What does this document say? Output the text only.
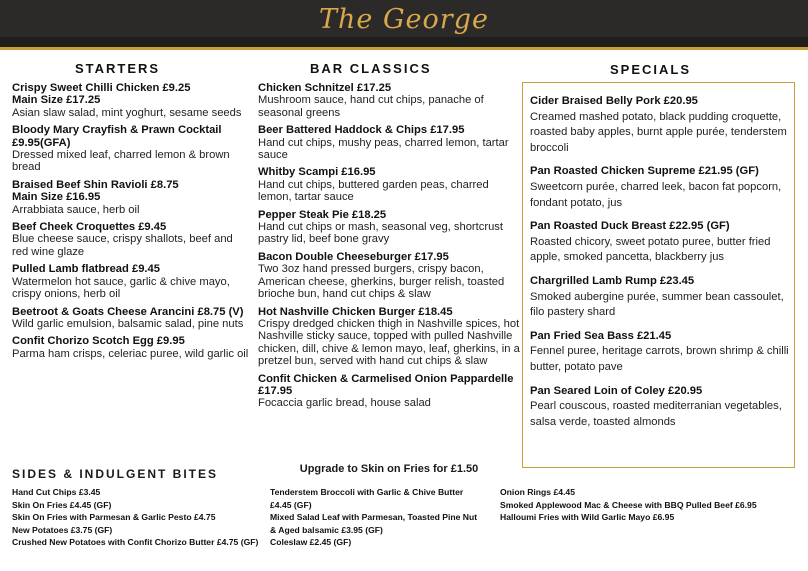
The George
STARTERS	BAR CLASSICS	SPECIALS
Crispy Sweet Chilli Chicken £9.25
Main Size £17.25
Asian slaw salad, mint yoghurt, sesame seeds
Bloody Mary Crayfish & Prawn Cocktail £9.95(GFA)
Dressed mixed leaf, charred lemon & brown bread
Braised Beef Shin Ravioli £8.75
Main Size £16.95
Arrabbiata sauce, herb oil
Beef Cheek Croquettes £9.45
Blue cheese sauce, crispy shallots, beef and red wine glaze
Pulled Lamb flatbread £9.45
Watermelon hot sauce, garlic & chive mayo, crispy onions, herb oil
Beetroot & Goats Cheese Arancini £8.75 (V)
Wild garlic emulsion, balsamic salad, pine nuts
Confit Chorizo Scotch Egg £9.95
Parma ham crisps, celeriac puree, wild garlic oil
Chicken Schnitzel £17.25
Mushroom sauce, hand cut chips, panache of seasonal greens
Beer Battered Haddock & Chips £17.95
Hand cut chips, mushy peas, charred lemon, tartar sauce
Whitby Scampi £16.95
Hand cut chips, buttered garden peas, charred lemon, tartar sauce
Pepper Steak Pie £18.25
Hand cut chips or mash, seasonal veg, shortcrust pastry lid, beef bone gravy
Bacon Double Cheeseburger £17.95
Two 3oz hand pressed burgers, crispy bacon, American cheese, gherkins, burger relish, toasted brioche bun, hand cut chips & slaw
Hot Nashville Chicken Burger £18.45
Crispy dredged chicken thigh in Nashville spices, hot Nashville sticky sauce, topped with pulled Nashville chicken, dill, chive & lemon mayo, leaf, gherkins, in a pretzel bun, served with hand cut chips & slaw
Confit Chicken & Carmelised Onion Pappardelle £17.95
Focaccia garlic bread, house salad
Cider Braised Belly Pork £20.95
Creamed mashed potato, black pudding croquette, roasted baby apples, burnt apple purée, tenderstem broccoli
Pan Roasted Chicken Supreme £21.95 (GF)
Sweetcorn purée, charred leek, bacon fat popcorn, fondant potato, jus
Pan Roasted Duck Breast £22.95 (GF)
Roasted chicory, sweet potato puree, butter fried apple, smoked pancetta, blackberry jus
Chargrilled Lamb Rump £23.45
Smoked aubergine purée, summer bean cassoulet, filo pastery shard
Pan Fried Sea Bass £21.45
Fennel puree, heritage carrots, brown shrimp & chilli butter, potato pave
Pan Seared Loin of Coley £20.95
Pearl couscous, roasted mediterranian vegetables, salsa verde, toasted almonds
Upgrade to Skin on Fries for £1.50
SIDES & INDULGENT BITES
Hand Cut Chips £3.45
Skin On Fries £4.45 (GF)
Skin On Fries with Parmesan & Garlic Pesto £4.75
New Potatoes £3.75 (GF)
Crushed New Potatoes with Confit Chorizo Butter £4.75 (GF)
Tenderstem Broccoli with Garlic & Chive Butter £4.45 (GF)
Mixed Salad Leaf with Parmesan, Toasted Pine Nut & Aged balsamic £3.95 (GF)
Coleslaw £2.45 (GF)
Onion Rings £4.45
Smoked Applewood Mac & Cheese with BBQ Pulled Beef £6.95
Halloumi Fries with Wild Garlic Mayo £6.95
